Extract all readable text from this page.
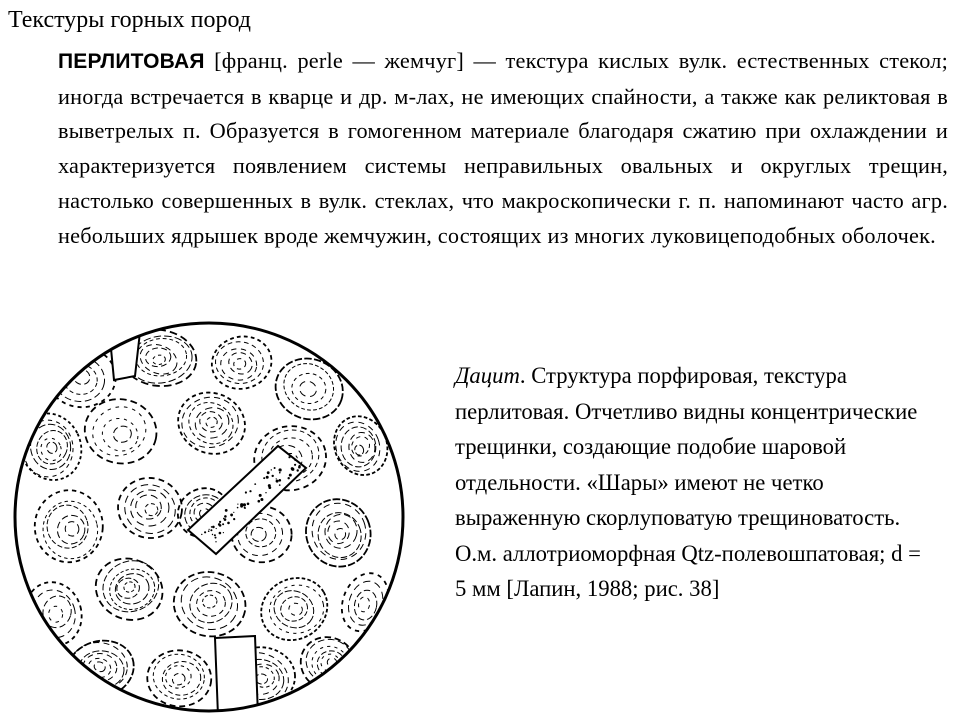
Текстуры горных пород
ПЕРЛИТОВАЯ [франц. perle — жемчуг] — текстура кислых вулк. естественных стекол; иногда встречается в кварце и др. м-лах, не имеющих спайности, а также как реликтовая в выветрелых п. Образуется в гомогенном материале благодаря сжатию при охлаждении и характеризуется появлением системы неправильных овальных и округлых трещин, настолько совершенных в вулк. стеклах, что макроскопически г. п. напоминают часто агр. небольших ядрышек вроде жемчужин, состоящих из многих луковицеподобных оболочек.
Дацит. Структура порфировая, текстура перлитовая. Отчетливо видны концентрические трещинки, создающие подобие шаровой отдельности. «Шары» имеют не четко выраженную скорлуповатую трещиноватость. О.м. аллотриоморфная Qtz-полевошпатовая; d = 5 мм [Лапин, 1988; рис. 38]
